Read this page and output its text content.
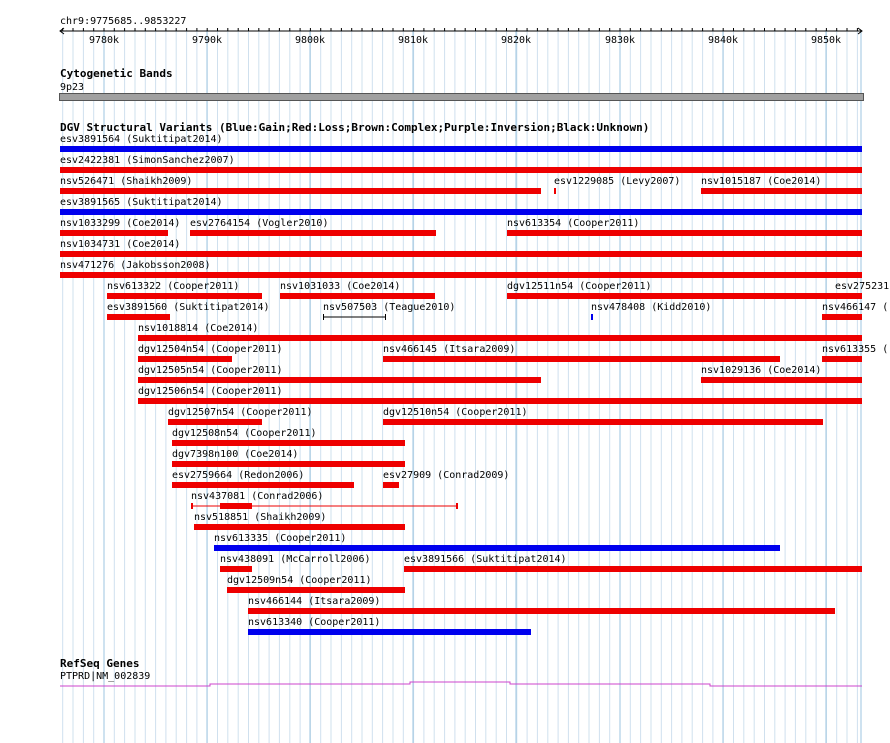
chr9:9775685..9853227
9780k	9790k	9800k	9810k	9820k	9830k	9840k	9850k
Cytogenetic Bands
9p23
DGV Structural Variants (Blue:Gain;Red:Loss;Brown:Complex;Purple:Inversion;Black:Unknown)
esv3891564 (Suktitipat2014)
esv2422381 (SimonSanchez2007)
nsv526471 (Shaikh2009)	esv1229085 (Levy2007) nsv1015187 (Coe2014)
esv3891565 (Suktitipat2014)
nsv1033299 (Coe2014) esv2764154 (Vogler2010)	nsv613354 (Cooper2011)
nsv1034731 (Coe2014)
nsv471276 (Jakobsson2008)
nsv613322 (Cooper2011)	nsv1031033 (Coe2014)	dgv12511n54 (Cooper2011)	esv275231
esv3891560 (Suktitipat2014)	nsv507503 (Teague2010)	nsv478408 (Kidd2010)	nsv466147 (
nsv1018814 (Coe2014)
dgv12504n54 (Cooper2011)	nsv466145 (Itsara2009)	nsv613355 (
dgv12505n54 (Cooper2011)	nsv1029136 (Coe2014)
dgv12506n54 (Cooper2011)
dgv12507n54 (Cooper2011)	dgv12510n54 (Cooper2011)
dgv12508n54 (Cooper2011)
dgv7398n100 (Coe2014)
esv2759664 (Redon2006)	esv27909 (Conrad2009)
nsv437081 (Conrad2006)
nsv518851 (Shaikh2009)
nsv613335 (Cooper2011)
nsv438091 (McCarroll2006)	esv3891566 (Suktitipat2014)
dgv12509n54 (Cooper2011)
nsv466144 (Itsara2009)
nsv613340 (Cooper2011)
RefSeq Genes
PTPRD|NM_002839
